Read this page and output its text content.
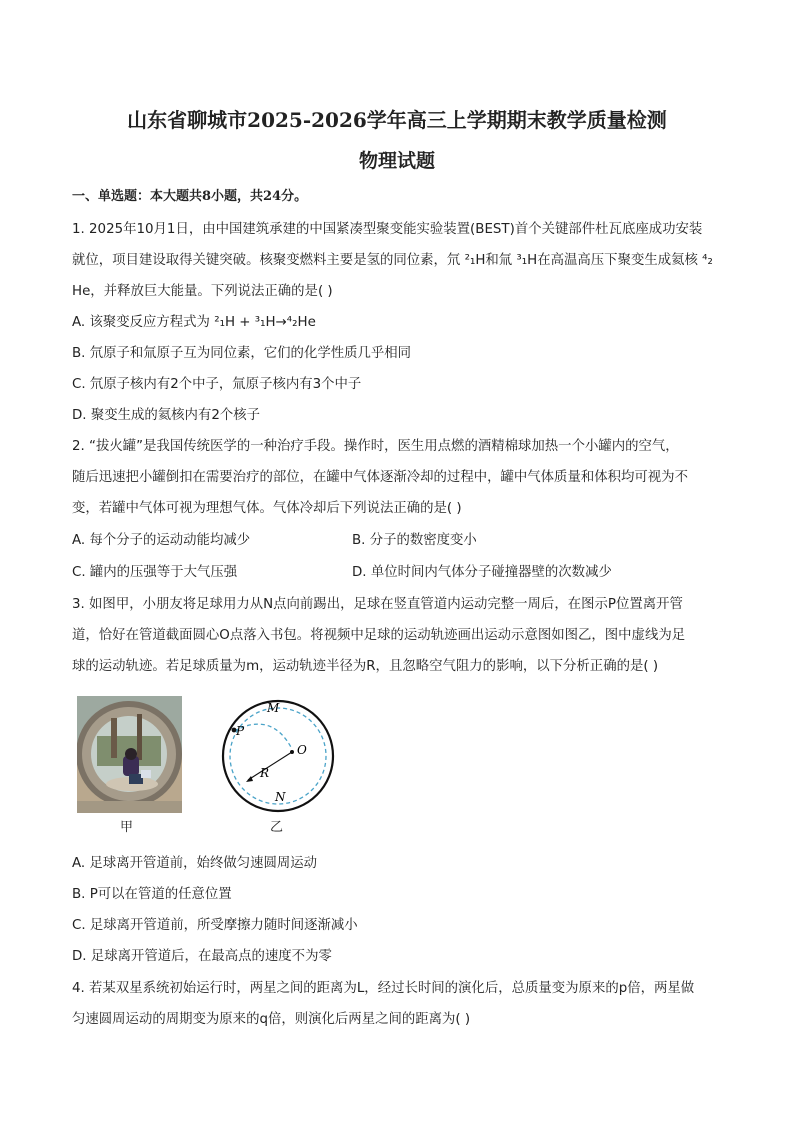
山东省聊城市2025-2026学年高三上学期期末教学质量检测
物理试题
一、单选题：本大题共8小题，共24分。
1. 2025年10月1日，由中国建筑承建的中国紧凑型聚变能实验装置(BEST)首个关键部件杜瓦底座成功安装
就位，项目建设取得关键突破。核聚变燃料主要是氢的同位素，氘 ²₁H和氚 ³₁H在高温高压下聚变生成氦核 ⁴₂
He，并释放巨大能量。下列说法正确的是( )
A. 该聚变反应方程式为 ²₁H + ³₁H→⁴₂He
B. 氘原子和氚原子互为同位素，它们的化学性质几乎相同
C. 氘原子核内有2个中子，氚原子核内有3个中子
D. 聚变生成的氦核内有2个核子
2. “拔火罐”是我国传统医学的一种治疗手段。操作时，医生用点燃的酒精棉球加热一个小罐内的空气，
随后迅速把小罐倒扣在需要治疗的部位，在罐中气体逐渐冷却的过程中，罐中气体质量和体积均可视为不
变，若罐中气体可视为理想气体。气体冷却后下列说法正确的是( )
A. 每个分子的运动动能均减少	B. 分子的数密度变小
C. 罐内的压强等于大气压强	D. 单位时间内气体分子碰撞器壁的次数减少
3. 如图甲，小朋友将足球用力从N点向前踢出，足球在竖直管道内运动完整一周后，在图示P位置离开管
道，恰好在管道截面圆心O点落入书包。将视频中足球的运动轨迹画出运动示意图如图乙，图中虚线为足
球的运动轨迹。若足球质量为m，运动轨迹半径为R，且忽略空气阻力的影响，以下分析正确的是( )
甲
M
P
O
R
N
乙
A. 足球离开管道前，始终做匀速圆周运动
B. P可以在管道的任意位置
C. 足球离开管道前，所受摩擦力随时间逐渐减小
D. 足球离开管道后，在最高点的速度不为零
4. 若某双星系统初始运行时，两星之间的距离为L，经过长时间的演化后，总质量变为原来的p倍，两星做
匀速圆周运动的周期变为原来的q倍，则演化后两星之间的距离为( )
